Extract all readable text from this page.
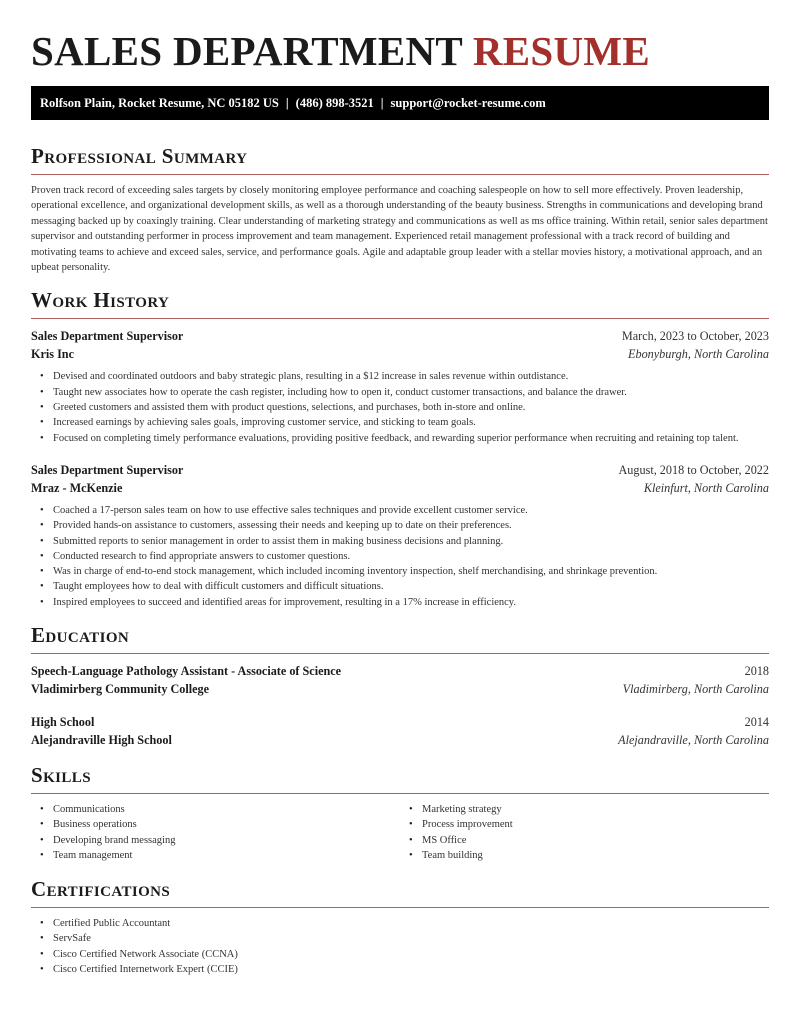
SALES DEPARTMENT RESUME
Rolfson Plain, Rocket Resume, NC 05182 US | (486) 898-3521 | support@rocket-resume.com
Professional Summary

Proven track record of exceeding sales targets by closely monitoring employee performance and coaching salespeople on how to sell more effectively. Proven leadership, operational excellence, and organizational development skills, as well as a thorough understanding of the beauty business. Strengths in communications and developing brand messaging backed up by coaxingly training. Clear understanding of marketing strategy and communications as well as ms office training. Within retail, senior sales department supervisor and outstanding performer in process improvement and team management. Experienced retail management professional with a track record of building and motivating teams to achieve and exceed sales, service, and performance goals. Agile and adaptable group leader with a stellar movies history, a motivational approach, and an upbeat personality.

Work History
Sales Department Supervisor	March, 2023 to October, 2023
Kris Inc	Ebonyburgh, North Carolina
• Devised and coordinated outdoors and baby strategic plans, resulting in a $12 increase in sales revenue within outdistance.
• Taught new associates how to operate the cash register, including how to open it, conduct customer transactions, and balance the drawer.
• Greeted customers and assisted them with product questions, selections, and purchases, both in-store and online.
• Increased earnings by achieving sales goals, improving customer service, and sticking to team goals.
• Focused on completing timely performance evaluations, providing positive feedback, and rewarding superior performance when recruiting and retaining top talent.
Sales Department Supervisor	August, 2018 to October, 2022
Mraz - McKenzie	Kleinfurt, North Carolina
• Coached a 17-person sales team on how to use effective sales techniques and provide excellent customer service.
• Provided hands-on assistance to customers, assessing their needs and keeping up to date on their preferences.
• Submitted reports to senior management in order to assist them in making business decisions and planning.
• Conducted research to find appropriate answers to customer questions.
• Was in charge of end-to-end stock management, which included incoming inventory inspection, shelf merchandising, and shrinkage prevention.
• Taught employees how to deal with difficult customers and difficult situations.
• Inspired employees to succeed and identified areas for improvement, resulting in a 17% increase in efficiency.
Education
Speech-Language Pathology Assistant - Associate of Science	2018
Vladimirberg Community College	Vladimirberg, North Carolina
High School	2014
Alejandraville High School	Alejandraville, North Carolina
Skills
• Communications
• Business operations
• Developing brand messaging
• Team management
• Marketing strategy
• Process improvement
• MS Office
• Team building
Certifications
• Certified Public Accountant
• ServSafe
• Cisco Certified Network Associate (CCNA)
• Cisco Certified Internetwork Expert (CCIE)
